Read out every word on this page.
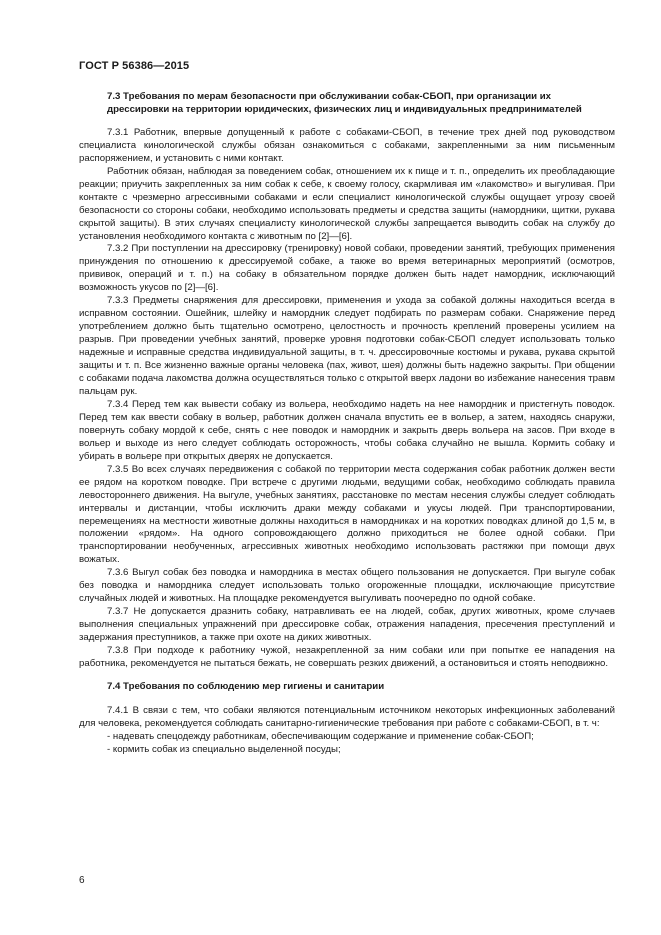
ГОСТ Р 56386—2015

7.3 Требования по мерам безопасности при обслуживании собак-СБОП, при организации их дрессировки на территории юридических, физических лиц и индивидуальных предпринимателей

7.3.1 Работник, впервые допущенный к работе с собаками-СБОП, в течение трех дней под руководством специалиста кинологической службы обязан ознакомиться с собаками, закрепленными за ним письменным распоряжением, и установить с ними контакт.

Работник обязан, наблюдая за поведением собак, отношением их к пище и т. п., определить их преобладающие реакции; приучить закрепленных за ним собак к себе, к своему голосу, скармливая им «лакомство» и выгуливая. При контакте с чрезмерно агрессивными собаками и если специалист кинологической службы ощущает угрозу своей безопасности со стороны собаки, необходимо использовать предметы и средства защиты (намордники, щитки, рукава скрытой защиты). В этих случаях специалисту кинологической службы запрещается выводить собак на службу до установления необходимого контакта с животным по [2]—[6].

7.3.2 При поступлении на дрессировку (тренировку) новой собаки, проведении занятий, требующих применения принуждения по отношению к дрессируемой собаке, а также во время ветеринарных мероприятий (осмотров, прививок, операций и т. п.) на собаку в обязательном порядке должен быть надет намордник, исключающий возможность укусов по [2]—[6].

7.3.3 Предметы снаряжения для дрессировки, применения и ухода за собакой должны находиться всегда в исправном состоянии. Ошейник, шлейку и намордник следует подбирать по размерам собаки. Снаряжение перед употреблением должно быть тщательно осмотрено, целостность и прочность креплений проверены усилием на разрыв. При проведении учебных занятий, проверке уровня подготовки собак-СБОП следует использовать только надежные и исправные средства индивидуальной защиты, в т. ч. дрессировочные костюмы и рукава, рукава скрытой защиты и т. п. Все жизненно важные органы человека (пах, живот, шея) должны быть надежно закрыты. При общении с собаками подача лакомства должна осуществляться только с открытой вверх ладони во избежание нанесения травм пальцам рук.

7.3.4 Перед тем как вывести собаку из вольера, необходимо надеть на нее намордник и пристегнуть поводок. Перед тем как ввести собаку в вольер, работник должен сначала впустить ее в вольер, а затем, находясь снаружи, повернуть собаку мордой к себе, снять с нее поводок и намордник и закрыть дверь вольера на засов. При входе в вольер и выходе из него следует соблюдать осторожность, чтобы собака случайно не вышла. Кормить собаку и убирать в вольере при открытых дверях не допускается.

7.3.5 Во всех случаях передвижения с собакой по территории места содержания собак работник должен вести ее рядом на коротком поводке. При встрече с другими людьми, ведущими собак, необходимо соблюдать правила левостороннего движения. На выгуле, учебных занятиях, расстановке по местам несения службы следует соблюдать интервалы и дистанции, чтобы исключить драки между собаками и укусы людей. При транспортировании, перемещениях на местности животные должны находиться в намордниках и на коротких поводках длиной до 1,5 м, в положении «рядом». На одного сопровождающего должно приходиться не более одной собаки. При транспортировании необученных, агрессивных животных необходимо использовать растяжки при помощи двух вожатых.

7.3.6 Выгул собак без поводка и намордника в местах общего пользования не допускается. При выгуле собак без поводка и намордника следует использовать только огороженные площадки, исключающие присутствие случайных людей и животных. На площадке рекомендуется выгуливать поочередно по одной собаке.

7.3.7 Не допускается дразнить собаку, натравливать ее на людей, собак, других животных, кроме случаев выполнения специальных упражнений при дрессировке собак, отражения нападения, пресечения преступлений и задержания преступников, а также при охоте на диких животных.

7.3.8 При подходе к работнику чужой, незакрепленной за ним собаки или при попытке ее нападения на работника, рекомендуется не пытаться бежать, не совершать резких движений, а остановиться и стоять неподвижно.

7.4 Требования по соблюдению мер гигиены и санитарии

7.4.1 В связи с тем, что собаки являются потенциальным источником некоторых инфекционных заболеваний для человека, рекомендуется соблюдать санитарно-гигиенические требования при работе с собаками-СБОП, в т. ч:

- надевать спецодежду работникам, обеспечивающим содержание и применение собак-СБОП;

- кормить собак из специально выделенной посуды;

6
